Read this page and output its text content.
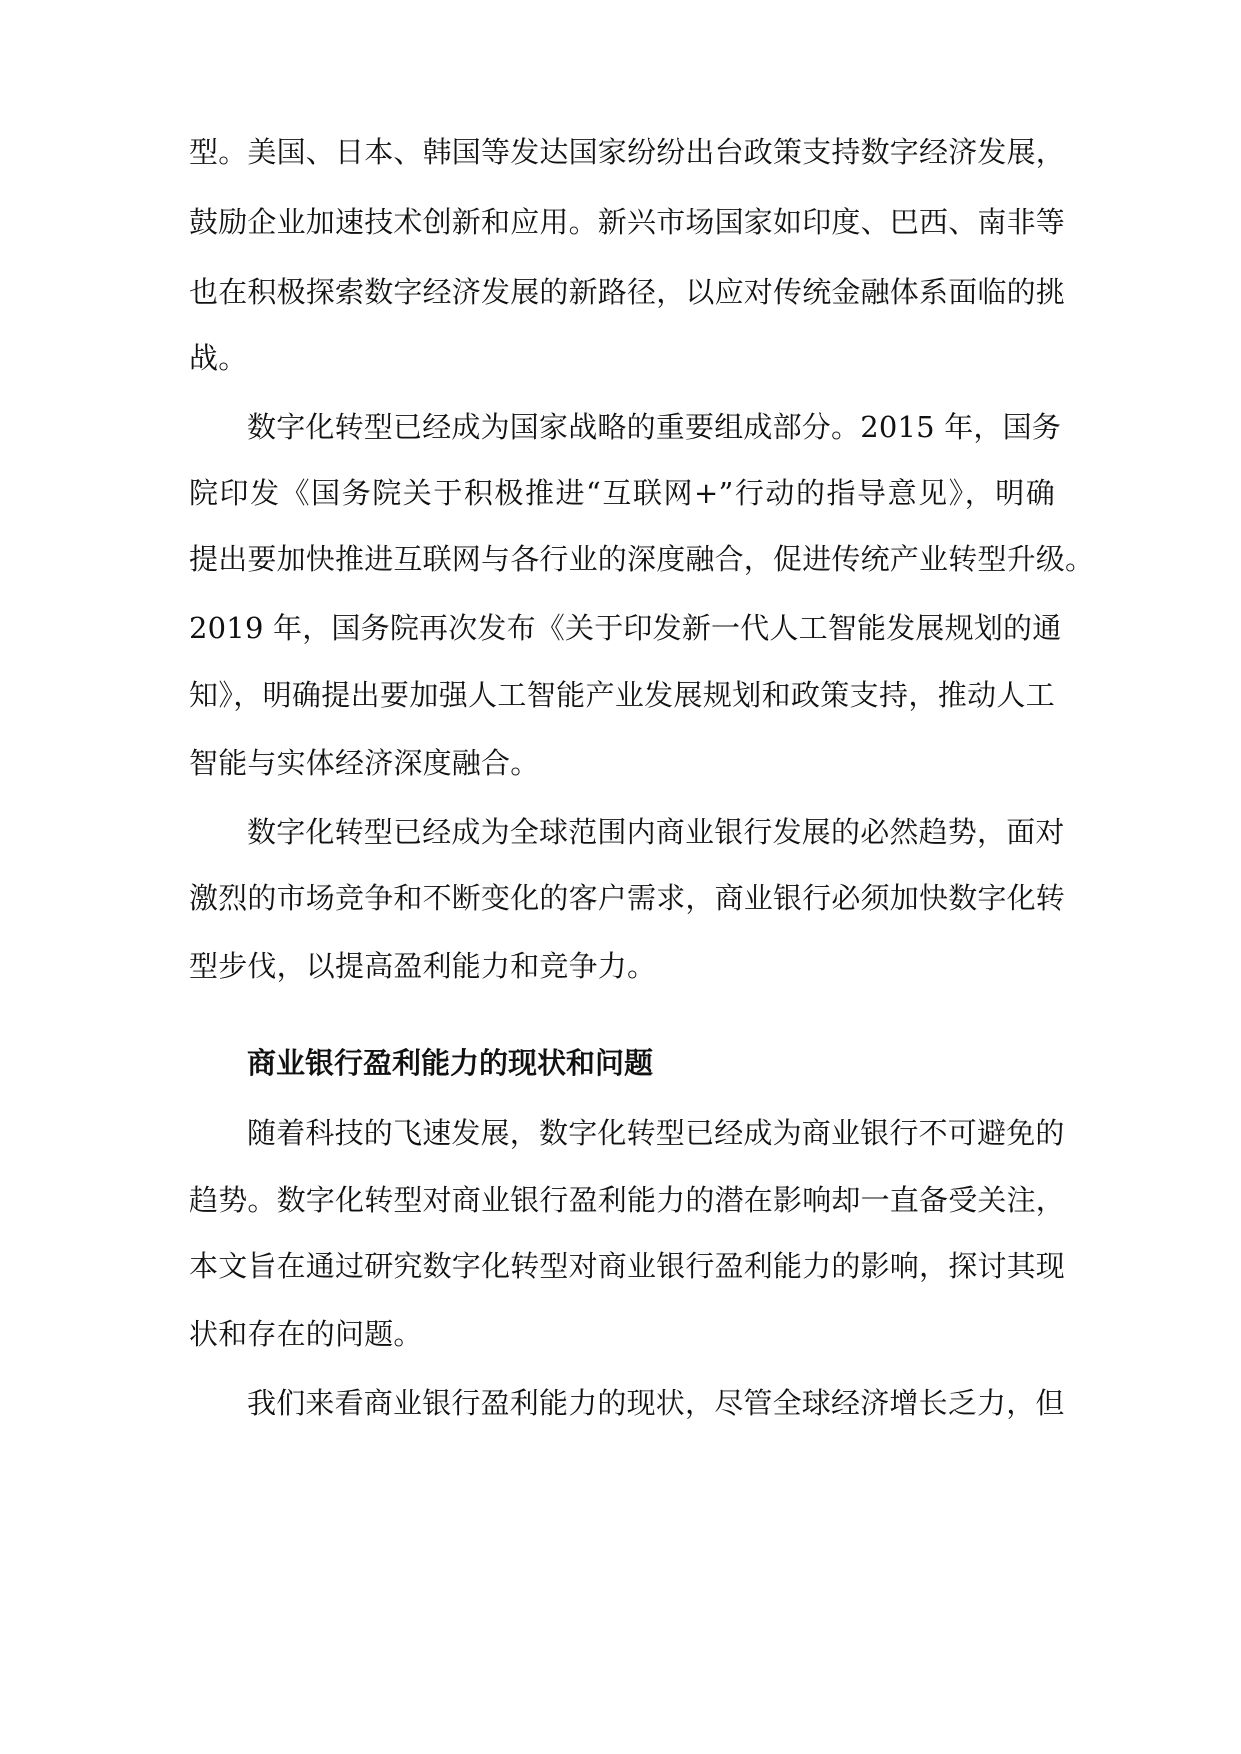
型。美国、日本、韩国等发达国家纷纷出台政策支持数字经济发展，
鼓励企业加速技术创新和应用。新兴市场国家如印度、巴西、南非等
也在积极探索数字经济发展的新路径，以应对传统金融体系面临的挑
战。
数字化转型已经成为国家战略的重要组成部分。2015 年，国务
院印发《国务院关于积极推进“互联网+”行动的指导意见》，明确
提出要加快推进互联网与各行业的深度融合，促进传统产业转型升级。
2019 年，国务院再次发布《关于印发新一代人工智能发展规划的通
知》，明确提出要加强人工智能产业发展规划和政策支持，推动人工
智能与实体经济深度融合。
数字化转型已经成为全球范围内商业银行发展的必然趋势，面对
激烈的市场竞争和不断变化的客户需求，商业银行必须加快数字化转
型步伐，以提高盈利能力和竞争力。
商业银行盈利能力的现状和问题
随着科技的飞速发展，数字化转型已经成为商业银行不可避免的
趋势。数字化转型对商业银行盈利能力的潜在影响却一直备受关注，
本文旨在通过研究数字化转型对商业银行盈利能力的影响，探讨其现
状和存在的问题。
我们来看商业银行盈利能力的现状，尽管全球经济增长乏力，但
